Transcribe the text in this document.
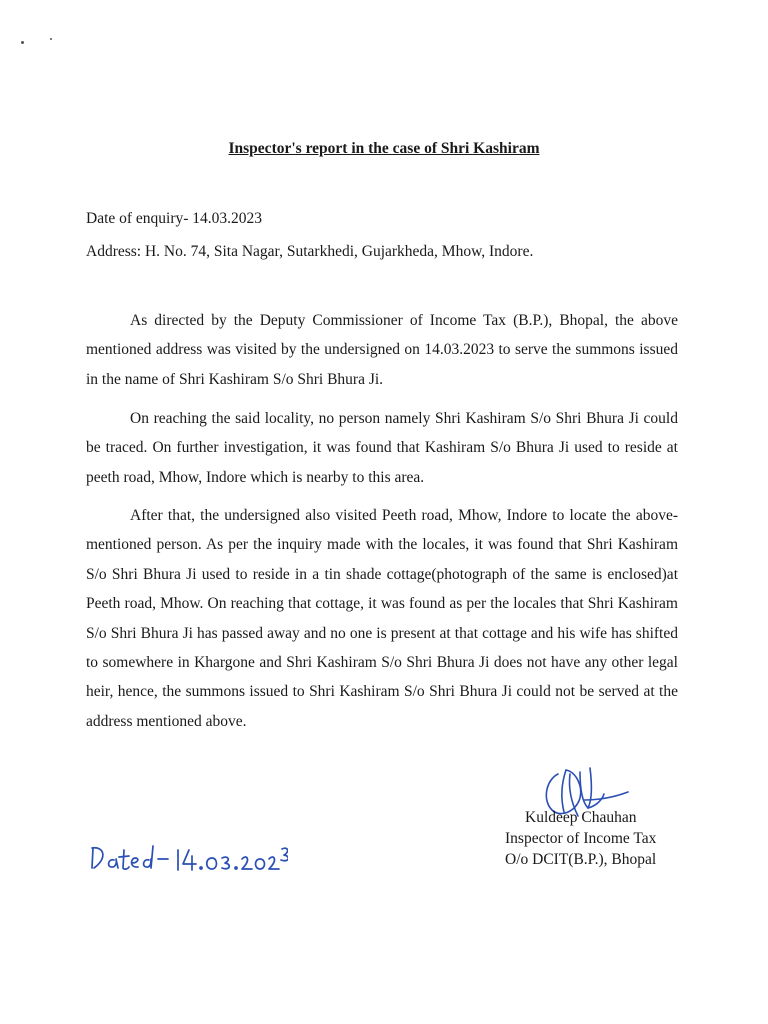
Inspector's report in the case of Shri Kashiram
Date of enquiry- 14.03.2023
Address: H. No. 74, Sita Nagar, Sutarkhedi, Gujarkheda, Mhow, Indore.

As directed by the Deputy Commissioner of Income Tax (B.P.), Bhopal, the above mentioned address was visited by the undersigned on 14.03.2023 to serve the summons issued in the name of Shri Kashiram S/o Shri Bhura Ji.

On reaching the said locality, no person namely Shri Kashiram S/o Shri Bhura Ji could be traced. On further investigation, it was found that Kashiram S/o Bhura Ji used to reside at peeth road, Mhow, Indore which is nearby to this area.

After that, the undersigned also visited Peeth road, Mhow, Indore to locate the above-mentioned person. As per the inquiry made with the locales, it was found that Shri Kashiram S/o Shri Bhura Ji used to reside in a tin shade cottage(photograph of the same is enclosed)at Peeth road, Mhow. On reaching that cottage, it was found as per the locales that Shri Kashiram S/o Shri Bhura Ji has passed away and no one is present at that cottage and his wife has shifted to somewhere in Khargone and Shri Kashiram S/o Shri Bhura Ji does not have any other legal heir, hence, the summons issued to Shri Kashiram S/o Shri Bhura Ji could not be served at the address mentioned above.

Kuldeep Chauhan
Inspector of Income Tax
O/o DCIT(B.P.), Bhopal
